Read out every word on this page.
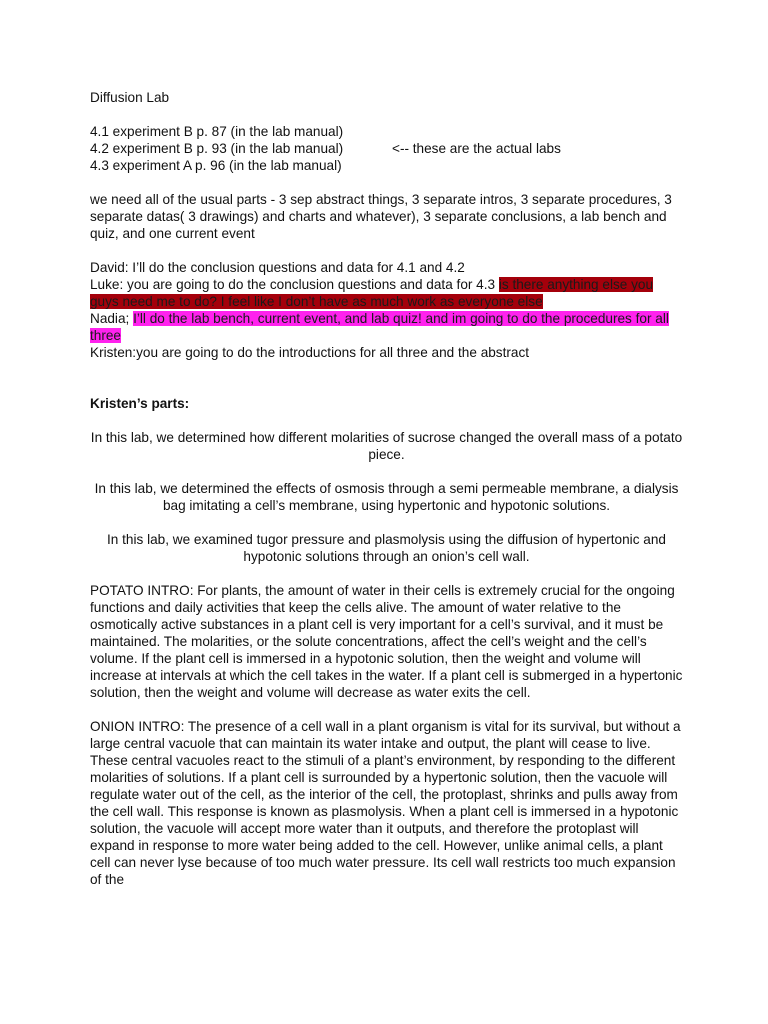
Diffusion Lab

4.1 experiment B p. 87 (in the lab manual)

4.2 experiment B p. 93 (in the lab manual)

4.3 experiment A p. 96 (in the lab manual)

<-- these are the actual labs

we need all of the usual parts - 3 sep abstract things, 3 separate intros, 3 separate procedures, 3 separate datas( 3 drawings) and charts and whatever), 3 separate conclusions, a lab bench and quiz, and one current event

David: I’ll do the conclusion questions and data for 4.1 and 4.2

Luke: you are going to do the conclusion questions and data for 4.3 is there anything else you guys need me to do? I feel like I don’t have as much work as everyone else

Nadia; I’ll do the lab bench, current event, and lab quiz! and im going to do the procedures for all three

Kristen:you are going to do the introductions for all three and the abstract

Kristen’s parts:

In this lab, we determined how different molarities of sucrose changed the overall mass of a potato piece.

In this lab, we determined the effects of osmosis through a semi permeable membrane, a dialysis bag imitating a cell’s membrane, using hypertonic and hypotonic solutions.

In this lab, we examined tugor pressure and plasmolysis using the diffusion of hypertonic and hypotonic solutions through an onion’s cell wall.

POTATO INTRO: For plants, the amount of water in their cells is extremely crucial for the ongoing functions and daily activities that keep the cells alive. The amount of water relative to the osmotically active substances in a plant cell is very important for a cell’s survival, and it must be maintained. The molarities, or the solute concentrations, affect the cell’s weight and the cell’s volume. If the plant cell is immersed in a hypotonic solution, then the weight and volume will increase at intervals at which the cell takes in the water. If a plant cell is submerged in a hypertonic solution, then the weight and volume will decrease as water exits the cell.

ONION INTRO: The presence of a cell wall in a plant organism is vital for its survival, but without a large central vacuole that can maintain its water intake and output, the plant will cease to live. These central vacuoles react to the stimuli of a plant’s environment, by responding to the different molarities of solutions. If a plant cell is surrounded by a hypertonic solution, then the vacuole will regulate water out of the cell, as the interior of the cell, the protoplast, shrinks and pulls away from the cell wall. This response is known as plasmolysis. When a plant cell is immersed in a hypotonic solution, the vacuole will accept more water than it outputs, and therefore the protoplast will expand in response to more water being added to the cell. However, unlike animal cells, a plant cell can never lyse because of too much water pressure. Its cell wall restricts too much expansion of the
